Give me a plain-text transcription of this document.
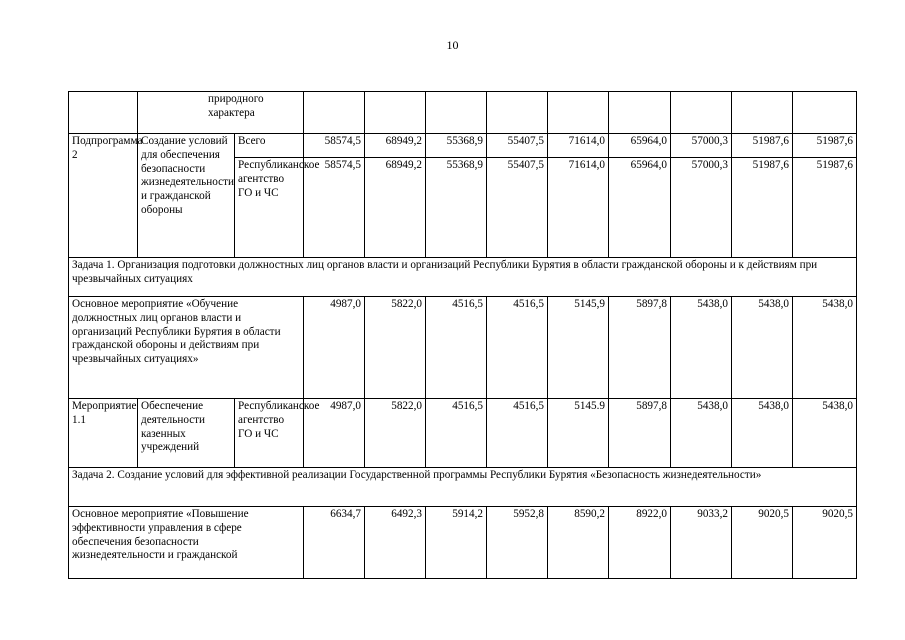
10

	природного характера										

Подпрограмма 2	Создание условий для обеспечения безопасности жизнедеятельности и гражданской обороны	Всего	58574,5	68949,2	55368,9	55407,5	71614,0	65964,0	57000,3	51987,6	51987,6
		Республиканское агентство ГО и ЧС	58574,5	68949,2	55368,9	55407,5	71614,0	65964,0	57000,3	51987,6	51987,6
Задача 1. Организация подготовки должностных лиц органов власти и организаций Республики Бурятия в области гражданской обороны и к действиям при чрезвычайных ситуациях											

Основное мероприятие «Обучение должностных лиц органов власти и организаций Республики Бурятия в области гражданской обороны и действиям при чрезвычайных ситуациях»			4987,0	5822,0	4516,5	4516,5	5145,9	5897,8	5438,0	5438,0	5438,0
Мероприятие 1.1	Обеспечение деятельности казенных учреждений	Республиканское агентство ГО и ЧС	4987,0	5822,0	4516,5	4516,5	5145.9	5897,8	5438,0	5438,0	5438,0
Задача 2. Создание условий для эффективной реализации Государственной программы Республики Бурятия «Безопасность жизнедеятельности»											

Основное мероприятие «Повышение эффективности управления в сфере обеспечения безопасности жизнедеятельности и гражданской			6634,7	6492,3	5914,2	5952,8	8590,2	8922,0	9033,2	9020,5	9020,5
